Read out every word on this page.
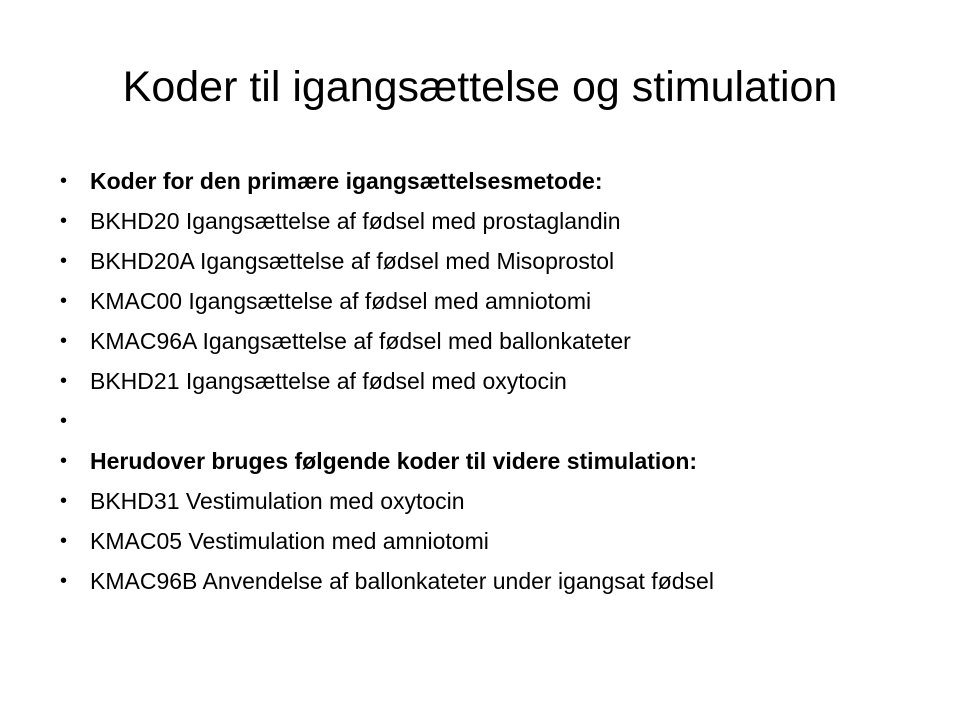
Koder til igangsættelse og stimulation
• Koder for den primære igangsættelsesmetode:
• BKHD20 Igangsættelse af fødsel med prostaglandin
• BKHD20A Igangsættelse af fødsel med Misoprostol
• KMAC00 Igangsættelse af fødsel med amniotomi
• KMAC96A Igangsættelse af fødsel med ballonkateter
• BKHD21 Igangsættelse af fødsel med oxytocin
•
• Herudover bruges følgende koder til videre stimulation:
• BKHD31 Vestimulation med oxytocin
• KMAC05 Vestimulation med amniotomi
• KMAC96B Anvendelse af ballonkateter under igangsat fødsel
